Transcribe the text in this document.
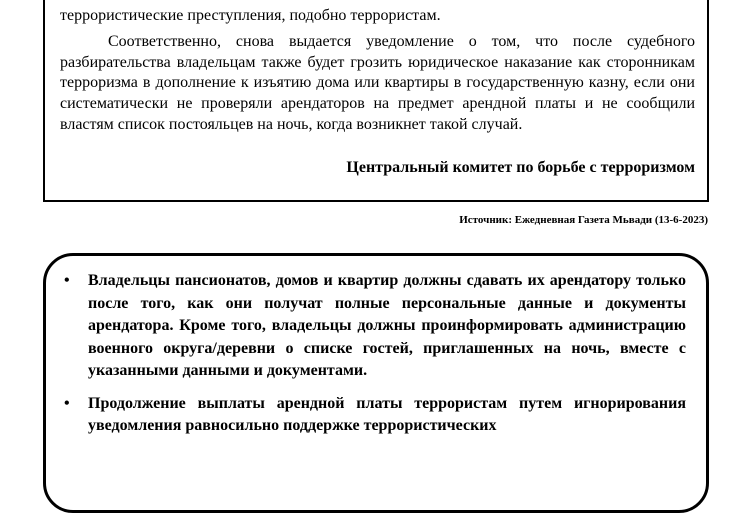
террористические преступления, подобно террористам.

Соответственно, снова выдается уведомление о том, что после судебного разбирательства владельцам также будет грозить юридическое наказание как сторонникам терроризма в дополнение к изъятию дома или квартиры в государственную казну, если они систематически не проверяли арендаторов на предмет арендной платы и не сообщили властям список постояльцев на ночь, когда возникнет такой случай.

Центральный комитет по борьбе с терроризмом

Источник: Ежедневная Газета Мьвади (13-6-2023)

• Владельцы пансионатов, домов и квартир должны сдавать их арендатору только после того, как они получат полные персональные данные и документы арендатора. Кроме того, владельцы должны проинформировать администрацию военного округа/деревни о списке гостей, приглашенных на ночь, вместе с указанными данными и документами.
• Продолжение выплаты арендной платы террористам путем игнорирования уведомления равносильно поддержке террористических
